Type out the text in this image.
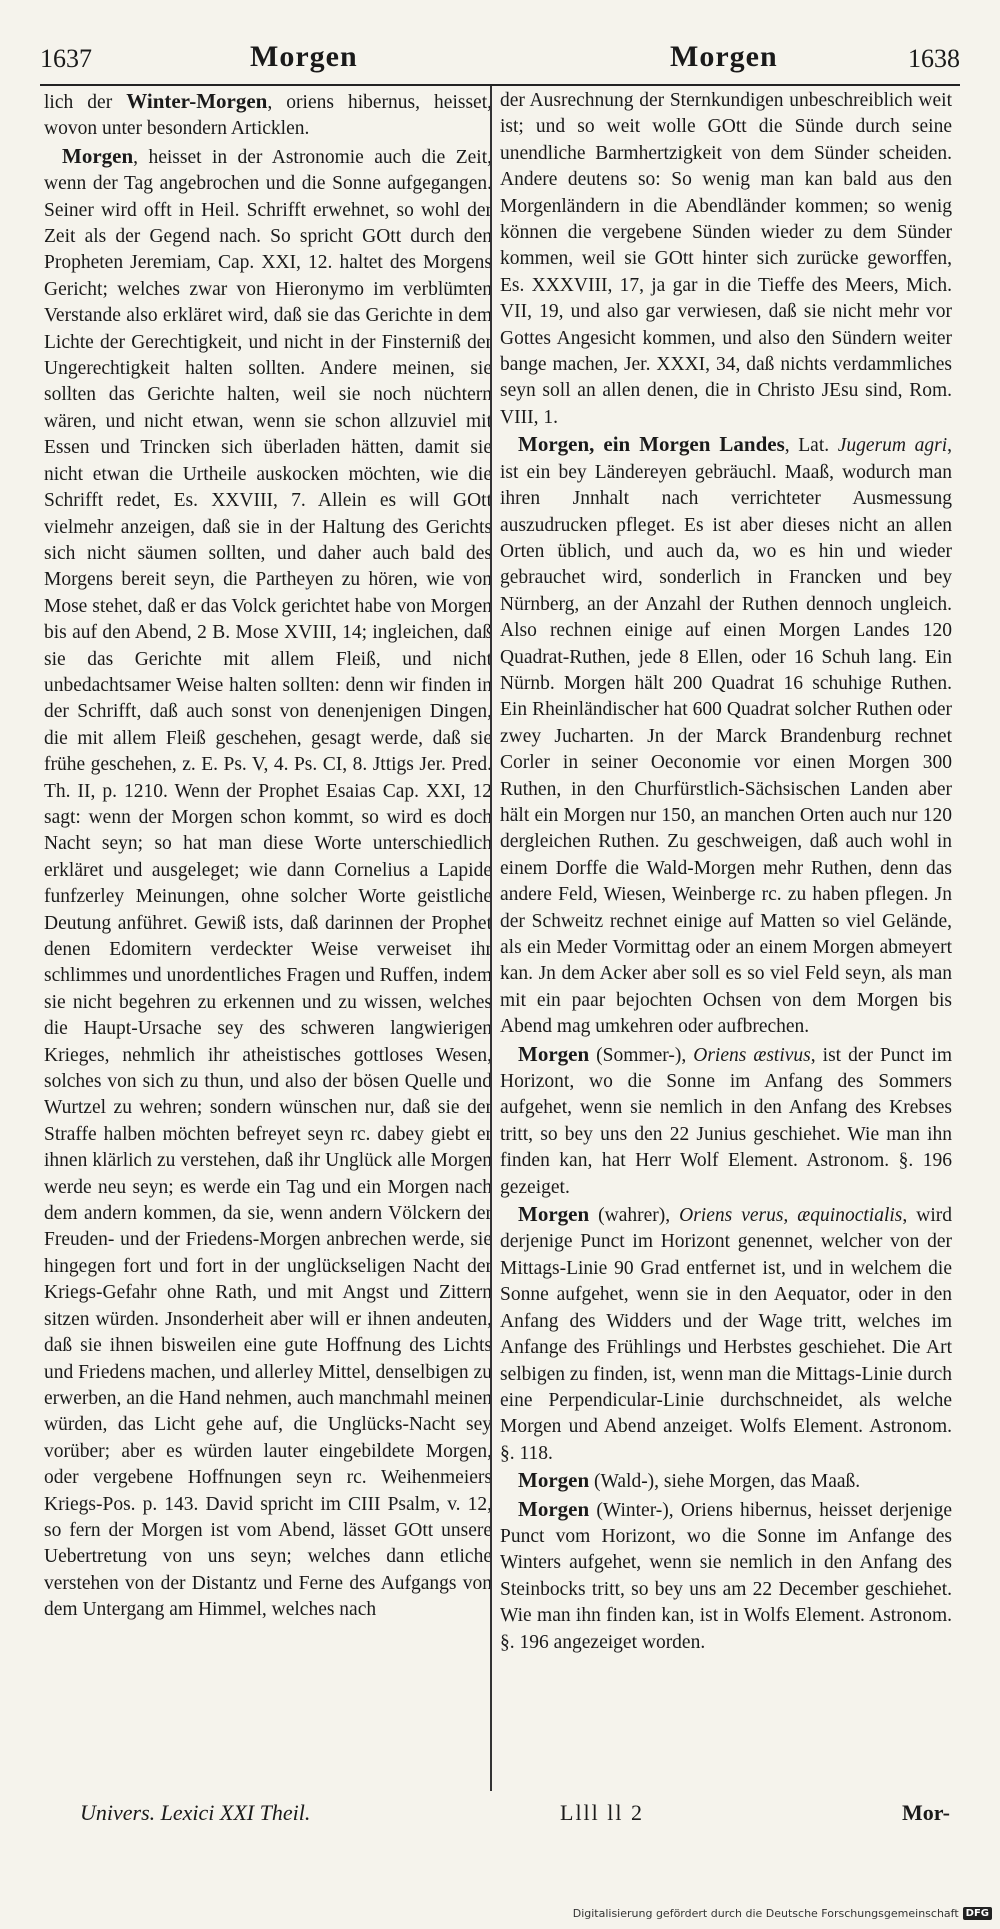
1637	Morgen	Morgen	1638

lich der Winter-Morgen, oriens hibernus, heisset, wovon unter besondern Articklen.

Morgen, heisset in der Astronomie auch die Zeit, wenn der Tag angebrochen und die Sonne aufgegangen. Seiner wird offt in Heil. Schrifft erwehnet, so wohl der Zeit als der Gegend nach. So spricht GOtt durch den Propheten Jeremiam, Cap. XXI, 12. haltet des Morgens Gericht; welches zwar von Hieronymo im verblümten Verstande also erkläret wird, daß sie das Gerichte in dem Lichte der Gerechtigkeit, und nicht in der Finsterniß der Ungerechtigkeit halten sollten. Andere meinen, sie sollten das Gerichte halten, weil sie noch nüchtern wären, und nicht etwan, wenn sie schon allzuviel mit Essen und Trincken sich überladen hätten, damit sie nicht etwan die Urtheile auskocken möchten, wie die Schrifft redet, Es. XXVIII, 7. Allein es will GOtt vielmehr anzeigen, daß sie in der Haltung des Gerichts sich nicht säumen sollten, und daher auch bald des Morgens bereit seyn, die Partheyen zu hören, wie von Mose stehet, daß er das Volck gerichtet habe von Morgen bis auf den Abend, 2 B. Mose XVIII, 14; ingleichen, daß sie das Gerichte mit allem Fleiß, und nicht unbedachtsamer Weise halten sollten: denn wir finden in der Schrifft, daß auch sonst von denenjenigen Dingen, die mit allem Fleiß geschehen, gesagt werde, daß sie frühe geschehen, z. E. Ps. V, 4. Ps. CI, 8. Jttigs Jer. Pred. Th. II, p. 1210. Wenn der Prophet Esaias Cap. XXI, 12 sagt: wenn der Morgen schon kommt, so wird es doch Nacht seyn; so hat man diese Worte unterschiedlich erkläret und ausgeleget; wie dann Cornelius a Lapide funfzerley Meinungen, ohne solcher Worte geistliche Deutung anführet. Gewiß ists, daß darinnen der Prophet denen Edomitern verdeckter Weise verweiset ihr schlimmes und unordentliches Fragen und Ruffen, indem sie nicht begehren zu erkennen und zu wissen, welches die Haupt-Ursache sey des schweren langwierigen Krieges, nehmlich ihr atheistisches gottloses Wesen, solches von sich zu thun, und also der bösen Quelle und Wurtzel zu wehren; sondern wünschen nur, daß sie der Straffe halben möchten befreyet seyn rc. dabey giebt er ihnen klärlich zu verstehen, daß ihr Unglück alle Morgen werde neu seyn; es werde ein Tag und ein Morgen nach dem andern kommen, da sie, wenn andern Völckern der Freuden- und der Friedens-Morgen anbrechen werde, sie hingegen fort und fort in der unglückseligen Nacht der Kriegs-Gefahr ohne Rath, und mit Angst und Zittern sitzen würden. Jnsonderheit aber will er ihnen andeuten, daß sie ihnen bisweilen eine gute Hoffnung des Lichts und Friedens machen, und allerley Mittel, denselbigen zu erwerben, an die Hand nehmen, auch manchmahl meinen würden, das Licht gehe auf, die Unglücks-Nacht sey vorüber; aber es würden lauter eingebildete Morgen, oder vergebene Hoffnungen seyn rc. Weihenmeiers Kriegs-Pos. p. 143. David spricht im CIII Psalm, v. 12, so fern der Morgen ist vom Abend, lässet GOtt unsere Uebertretung von uns seyn; welches dann etliche verstehen von der Distantz und Ferne des Aufgangs von dem Untergang am Himmel, welches nach

der Ausrechnung der Sternkundigen unbeschreiblich weit ist; und so weit wolle GOtt die Sünde durch seine unendliche Barmhertzigkeit von dem Sünder scheiden. Andere deutens so: So wenig man kan bald aus den Morgenländern in die Abendländer kommen; so wenig können die vergebene Sünden wieder zu dem Sünder kommen, weil sie GOtt hinter sich zurücke geworffen, Es. XXXVIII, 17, ja gar in die Tieffe des Meers, Mich. VII, 19, und also gar verwiesen, daß sie nicht mehr vor Gottes Angesicht kommen, und also den Sündern weiter bange machen, Jer. XXXI, 34, daß nichts verdammliches seyn soll an allen denen, die in Christo JEsu sind, Rom. VIII, 1.

Morgen, ein Morgen Landes, Lat. Jugerum agri, ist ein bey Ländereyen gebräuchl. Maaß, wodurch man ihren Jnnhalt nach verrichteter Ausmessung auszudrucken pfleget. Es ist aber dieses nicht an allen Orten üblich, und auch da, wo es hin und wieder gebrauchet wird, sonderlich in Francken und bey Nürnberg, an der Anzahl der Ruthen dennoch ungleich. Also rechnen einige auf einen Morgen Landes 120 Quadrat-Ruthen, jede 8 Ellen, oder 16 Schuh lang. Ein Nürnb. Morgen hält 200 Quadrat 16 schuhige Ruthen. Ein Rheinländischer hat 600 Quadrat solcher Ruthen oder zwey Jucharten. Jn der Marck Brandenburg rechnet Corler in seiner Oeconomie vor einen Morgen 300 Ruthen, in den Churfürstlich-Sächsischen Landen aber hält ein Morgen nur 150, an manchen Orten auch nur 120 dergleichen Ruthen. Zu geschweigen, daß auch wohl in einem Dorffe die Wald-Morgen mehr Ruthen, denn das andere Feld, Wiesen, Weinberge rc. zu haben pflegen. Jn der Schweitz rechnet einige auf Matten so viel Gelände, als ein Meder Vormittag oder an einem Morgen abmeyert kan. Jn dem Acker aber soll es so viel Feld seyn, als man mit ein paar bejochten Ochsen von dem Morgen bis Abend mag umkehren oder aufbrechen.

Morgen (Sommer-), Oriens æstivus, ist der Punct im Horizont, wo die Sonne im Anfang des Sommers aufgehet, wenn sie nemlich in den Anfang des Krebses tritt, so bey uns den 22 Junius geschiehet. Wie man ihn finden kan, hat Herr Wolf Element. Astronom. §. 196 gezeiget.

Morgen (wahrer), Oriens verus, æquinoctialis, wird derjenige Punct im Horizont genennet, welcher von der Mittags-Linie 90 Grad entfernet ist, und in welchem die Sonne aufgehet, wenn sie in den Aequator, oder in den Anfang des Widders und der Wage tritt, welches im Anfange des Frühlings und Herbstes geschiehet. Die Art selbigen zu finden, ist, wenn man die Mittags-Linie durch eine Perpendicular-Linie durchschneidet, als welche Morgen und Abend anzeiget. Wolfs Element. Astronom. §. 118.

Morgen (Wald-), siehe Morgen, das Maaß.

Morgen (Winter-), Oriens hibernus, heisset derjenige Punct vom Horizont, wo die Sonne im Anfange des Winters aufgehet, wenn sie nemlich in den Anfang des Steinbocks tritt, so bey uns am 22 December geschiehet. Wie man ihn finden kan, ist in Wolfs Element. Astronom. §. 196 angezeiget worden.

Univers. Lexici XXI Theil.	Llll ll 2	Mor-
Digitalisierung gefördert durch die Deutsche Forschungsgemeinschaft DFG
